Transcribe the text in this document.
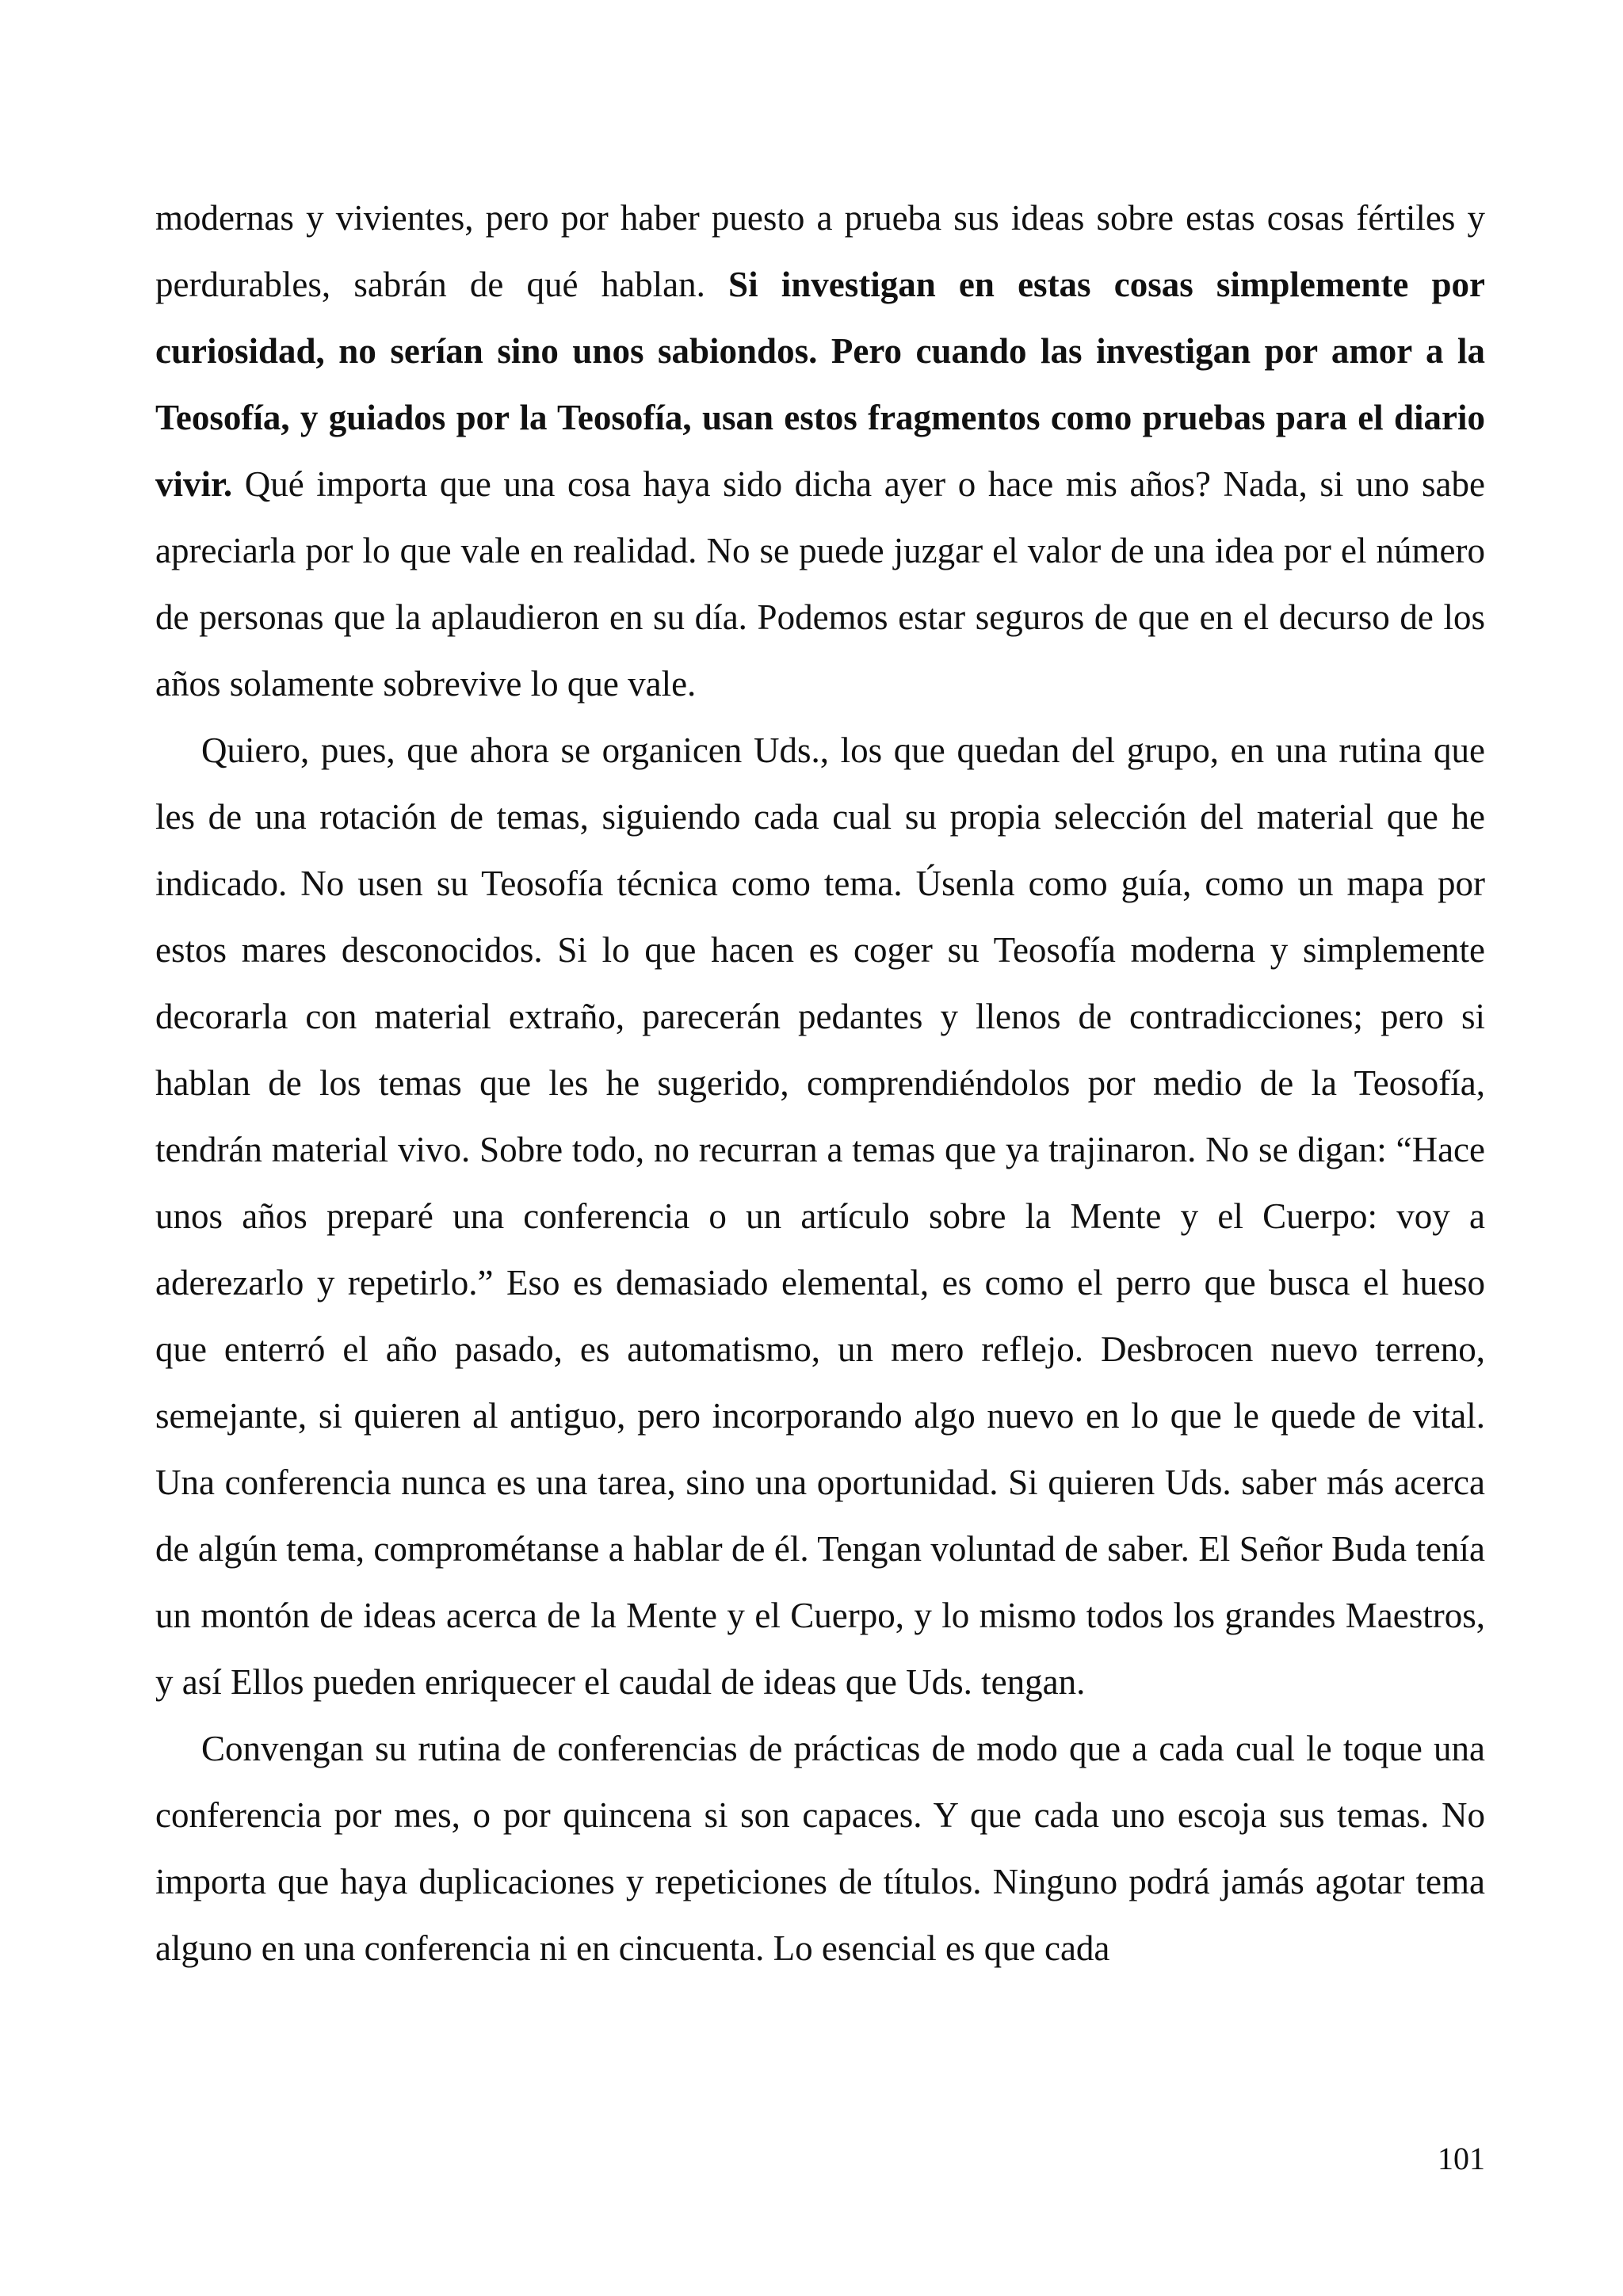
modernas y vivientes, pero por haber puesto a prueba sus ideas sobre estas cosas fértiles y perdurables, sabrán de qué hablan. Si investigan en estas cosas simplemente por curiosidad, no serían sino unos sabiondos. Pero cuando las investigan por amor a la Teosofía, y guiados por la Teosofía, usan estos fragmentos como pruebas para el diario vivir. Qué importa que una cosa haya sido dicha ayer o hace mis años? Nada, si uno sabe apreciarla por lo que vale en realidad. No se puede juzgar el valor de una idea por el número de personas que la aplaudieron en su día. Podemos estar seguros de que en el decurso de los años solamente sobrevive lo que vale.

Quiero, pues, que ahora se organicen Uds., los que quedan del grupo, en una rutina que les de una rotación de temas, siguiendo cada cual su propia selección del material que he indicado. No usen su Teosofía técnica como tema. Úsenla como guía, como un mapa por estos mares desconocidos. Si lo que hacen es coger su Teosofía moderna y simplemente decorarla con material extraño, parecerán pedantes y llenos de contradicciones; pero si hablan de los temas que les he sugerido, comprendiéndolos por medio de la Teosofía, tendrán material vivo. Sobre todo, no recurran a temas que ya trajinaron. No se digan: “Hace unos años preparé una conferencia o un artículo sobre la Mente y el Cuerpo: voy a aderezarlo y repetirlo.” Eso es demasiado elemental, es como el perro que busca el hueso que enterró el año pasado, es automatismo, un mero reflejo. Desbrocen nuevo terreno, semejante, si quieren al antiguo, pero incorporando algo nuevo en lo que le quede de vital. Una conferencia nunca es una tarea, sino una oportunidad. Si quieren Uds. saber más acerca de algún tema, comprométanse a hablar de él. Tengan voluntad de saber. El Señor Buda tenía un montón de ideas acerca de la Mente y el Cuerpo, y lo mismo todos los grandes Maestros, y así Ellos pueden enriquecer el caudal de ideas que Uds. tengan.

Convengan su rutina de conferencias de prácticas de modo que a cada cual le toque una conferencia por mes, o por quincena si son capaces. Y que cada uno escoja sus temas. No importa que haya duplicaciones y repeticiones de títulos. Ninguno podrá jamás agotar tema alguno en una conferencia ni en cincuenta. Lo esencial es que cada

101
